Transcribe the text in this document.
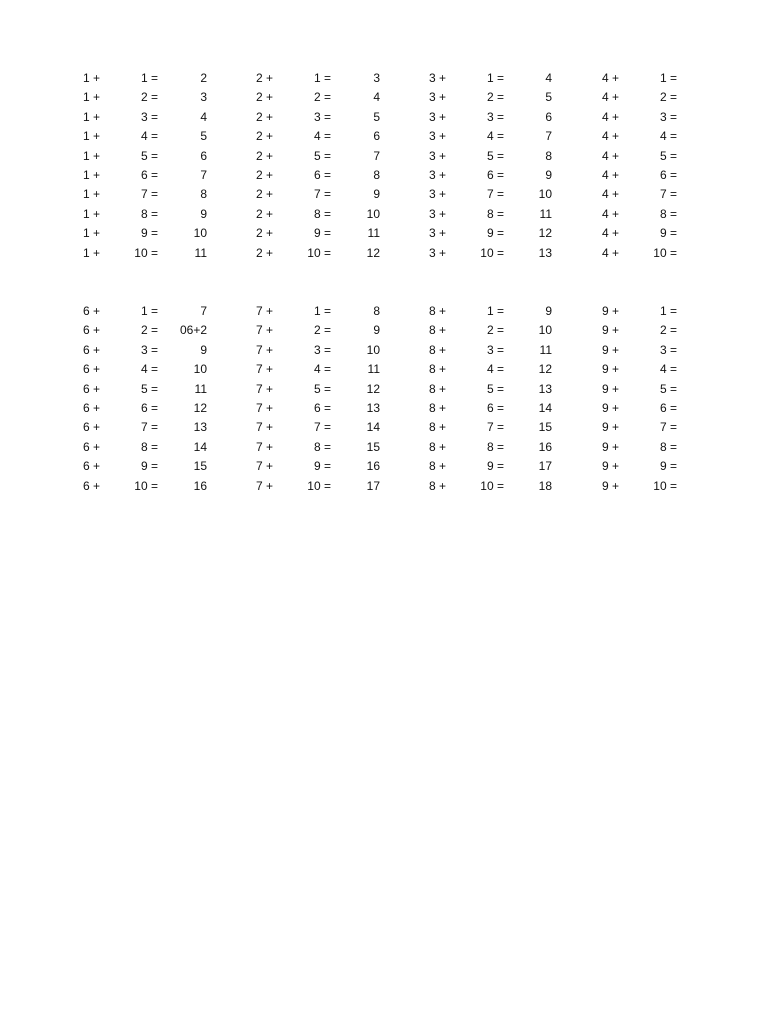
1 +	1 =	2	2 +	1 =	3	3 +	1 =	4	4 +	1 =
1 +	2 =	3	2 +	2 =	4	3 +	2 =	5	4 +	2 =
1 +	3 =	4	2 +	3 =	5	3 +	3 =	6	4 +	3 =
1 +	4 =	5	2 +	4 =	6	3 +	4 =	7	4 +	4 =
1 +	5 =	6	2 +	5 =	7	3 +	5 =	8	4 +	5 =
1 +	6 =	7	2 +	6 =	8	3 +	6 =	9	4 +	6 =
1 +	7 =	8	2 +	7 =	9	3 +	7 =	10	4 +	7 =
1 +	8 =	9	2 +	8 =	10	3 +	8 =	11	4 +	8 =
1 +	9 =	10	2 +	9 =	11	3 +	9 =	12	4 +	9 =
1 +	10 =	11	2 +	10 =	12	3 +	10 =	13	4 +	10 =
6 +	1 =	7	7 +	1 =	8	8 +	1 =	9	9 +	1 =
6 +	2 =	06+2	7 +	2 =	9	8 +	2 =	10	9 +	2 =
6 +	3 =	9	7 +	3 =	10	8 +	3 =	11	9 +	3 =
6 +	4 =	10	7 +	4 =	11	8 +	4 =	12	9 +	4 =
6 +	5 =	11	7 +	5 =	12	8 +	5 =	13	9 +	5 =
6 +	6 =	12	7 +	6 =	13	8 +	6 =	14	9 +	6 =
6 +	7 =	13	7 +	7 =	14	8 +	7 =	15	9 +	7 =
6 +	8 =	14	7 +	8 =	15	8 +	8 =	16	9 +	8 =
6 +	9 =	15	7 +	9 =	16	8 +	9 =	17	9 +	9 =
6 +	10 =	16	7 +	10 =	17	8 +	10 =	18	9 +	10 =
